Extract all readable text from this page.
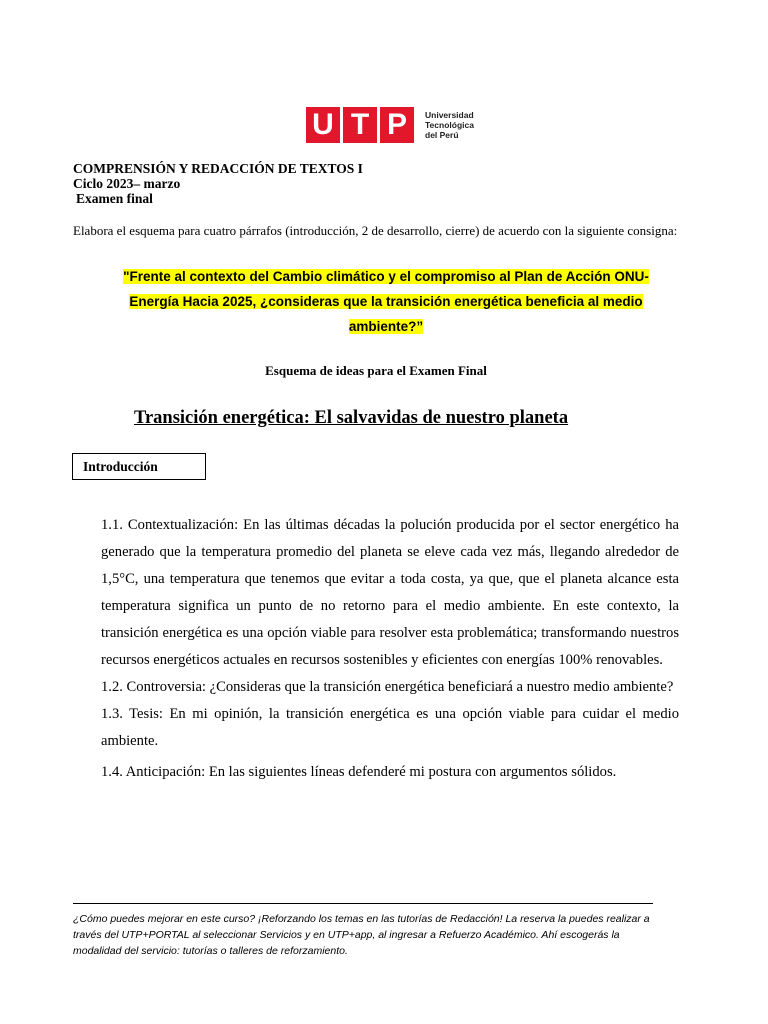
U T P	Universidad
Tecnológica
del Perú
COMPRENSIÓN Y REDACCIÓN DE TEXTOS I
Ciclo 2023– marzo
Examen final
Elabora el esquema para cuatro párrafos (introducción, 2 de desarrollo, cierre) de acuerdo con la siguiente consigna:
"Frente al contexto del Cambio climático y el compromiso al Plan de Acción ONU-
Energía Hacia 2025, ¿consideras que la transición energética beneficia al medio
ambiente?”
Esquema de ideas para el Examen Final
Transición energética: El salvavidas de nuestro planeta
Introducción

1.1. Contextualización: En las últimas décadas la polución producida por el sector energético ha generado que la temperatura promedio del planeta se eleve cada vez más, llegando alrededor de 1,5°C, una temperatura que tenemos que evitar a toda costa, ya que, que el planeta alcance esta temperatura significa un punto de no retorno para el medio ambiente. En este contexto, la transición energética es una opción viable para resolver esta problemática; transformando nuestros recursos energéticos actuales en recursos sostenibles y eficientes con energías 100% renovables.

1.2. Controversia: ¿Consideras que la transición energética beneficiará a nuestro medio ambiente?

1.3. Tesis: En mi opinión, la transición energética es una opción viable para cuidar el medio ambiente.

1.4. Anticipación: En las siguientes líneas defenderé mi postura con argumentos sólidos.

¿Cómo puedes mejorar en este curso? ¡Reforzando los temas en las tutorías de Redacción! La reserva la puedes realizar a través del UTP+PORTAL al seleccionar Servicios y en UTP+app, al ingresar a Refuerzo Académico. Ahí escogerás la modalidad del servicio: tutorías o talleres de reforzamiento.
